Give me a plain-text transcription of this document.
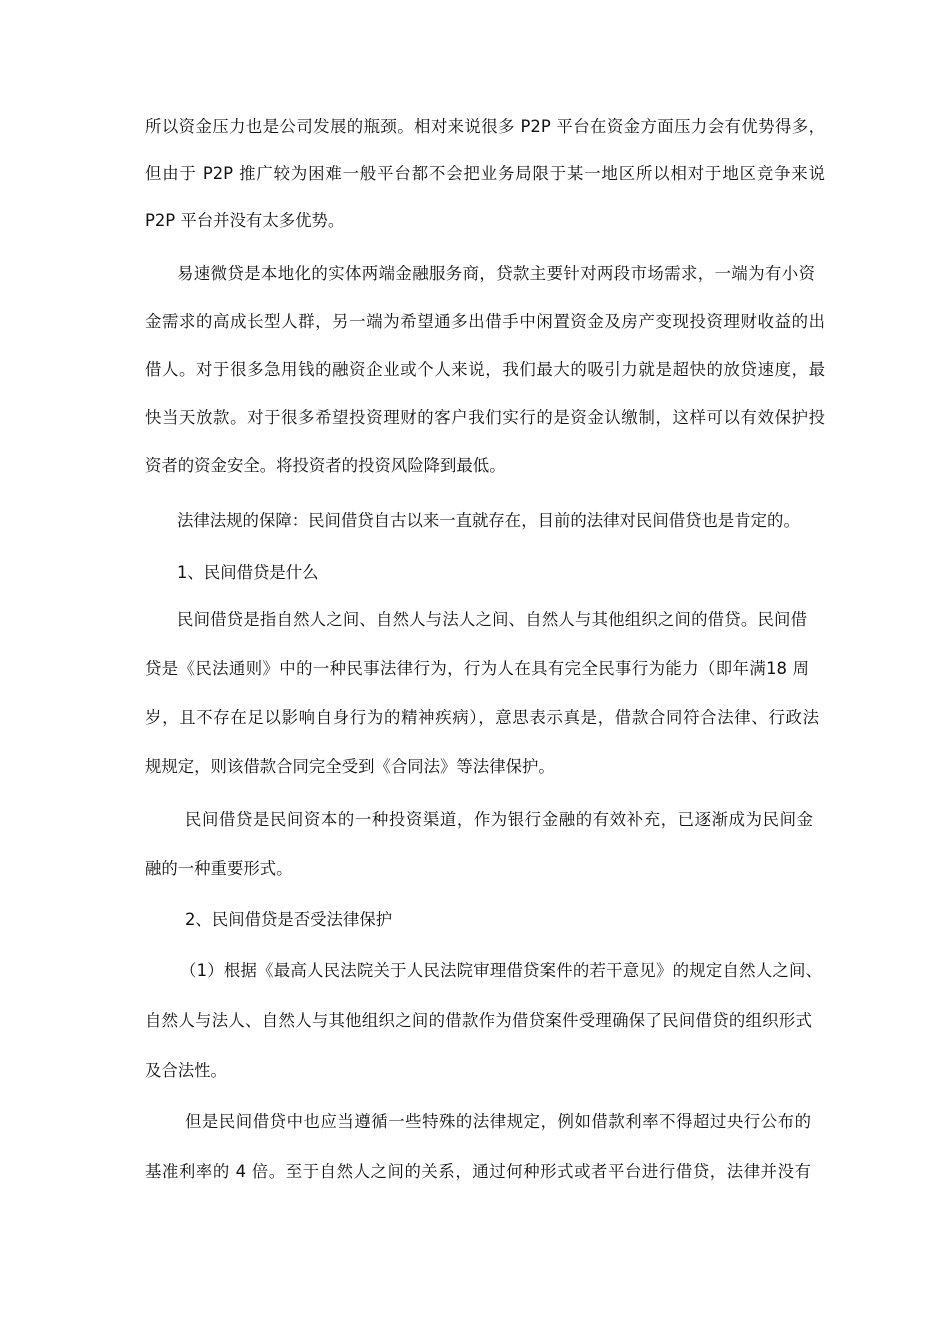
所以资金压力也是公司发展的瓶颈。相对来说很多 P2P 平台在资金方面压力会有优势得多，
但由于 P2P 推广较为困难一般平台都不会把业务局限于某一地区所以相对于地区竞争来说
P2P 平台并没有太多优势。
易速微贷是本地化的实体两端金融服务商，贷款主要针对两段市场需求，一端为有小资
金需求的高成长型人群，另一端为希望通多出借手中闲置资金及房产变现投资理财收益的出
借人。对于很多急用钱的融资企业或个人来说，我们最大的吸引力就是超快的放贷速度，最
快当天放款。对于很多希望投资理财的客户我们实行的是资金认缴制，这样可以有效保护投
资者的资金安全。将投资者的投资风险降到最低。
法律法规的保障：民间借贷自古以来一直就存在，目前的法律对民间借贷也是肯定的。
1、民间借贷是什么
民间借贷是指自然人之间、自然人与法人之间、自然人与其他组织之间的借贷。民间借
贷是《民法通则》中的一种民事法律行为，行为人在具有完全民事行为能力（即年满18 周
岁，且不存在足以影响自身行为的精神疾病），意思表示真是，借款合同符合法律、行政法
规规定，则该借款合同完全受到《合同法》等法律保护。
民间借贷是民间资本的一种投资渠道，作为银行金融的有效补充，已逐渐成为民间金
融的一种重要形式。
2、民间借贷是否受法律保护
（1）根据《最高人民法院关于人民法院审理借贷案件的若干意见》的规定自然人之间、
自然人与法人、自然人与其他组织之间的借款作为借贷案件受理确保了民间借贷的组织形式
及合法性。
但是民间借贷中也应当遵循一些特殊的法律规定，例如借款利率不得超过央行公布的
基准利率的 4 倍。至于自然人之间的关系，通过何种形式或者平台进行借贷，法律并没有
